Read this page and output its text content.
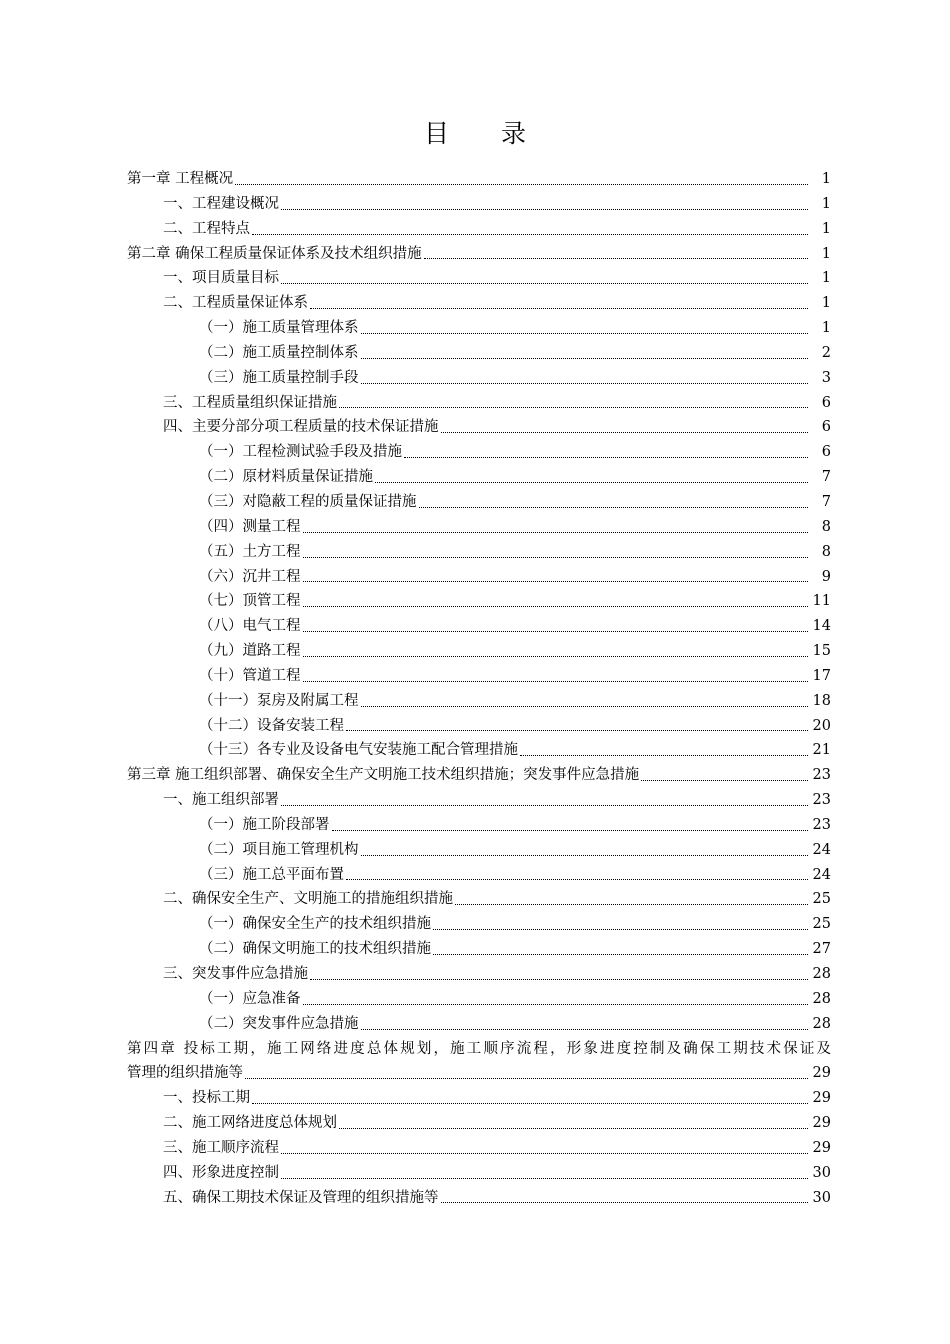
目 录
第一章 工程概况	1
一、工程建设概况	1
二、工程特点	1
第二章 确保工程质量保证体系及技术组织措施	1
一、项目质量目标	1
二、工程质量保证体系	1
（一）施工质量管理体系	1
（二）施工质量控制体系	2
（三）施工质量控制手段	3
三、工程质量组织保证措施	6
四、主要分部分项工程质量的技术保证措施	6
（一）工程检测试验手段及措施	6
（二）原材料质量保证措施	7
（三）对隐蔽工程的质量保证措施	7
（四）测量工程	8
（五）土方工程	8
（六）沉井工程	9
（七）顶管工程	11
（八）电气工程	14
（九）道路工程	15
（十）管道工程	17
（十一）泵房及附属工程	18
（十二）设备安装工程	20
（十三）各专业及设备电气安装施工配合管理措施	21
第三章 施工组织部署、确保安全生产文明施工技术组织措施；突发事件应急措施	23
一、施工组织部署	23
（一）施工阶段部署	23
（二）项目施工管理机构	24
（三）施工总平面布置	24
二、确保安全生产、文明施工的措施组织措施	25
（一）确保安全生产的技术组织措施	25
（二）确保文明施工的技术组织措施	27
三、突发事件应急措施	28
（一）应急准备	28
（二）突发事件应急措施	28
第四章 投标工期，施工网络进度总体规划，施工顺序流程，形象进度控制及确保工期技术保证及
管理的组织措施等	29
一、投标工期	29
二、施工网络进度总体规划	29
三、施工顺序流程	29
四、形象进度控制	30
五、确保工期技术保证及管理的组织措施等	30
